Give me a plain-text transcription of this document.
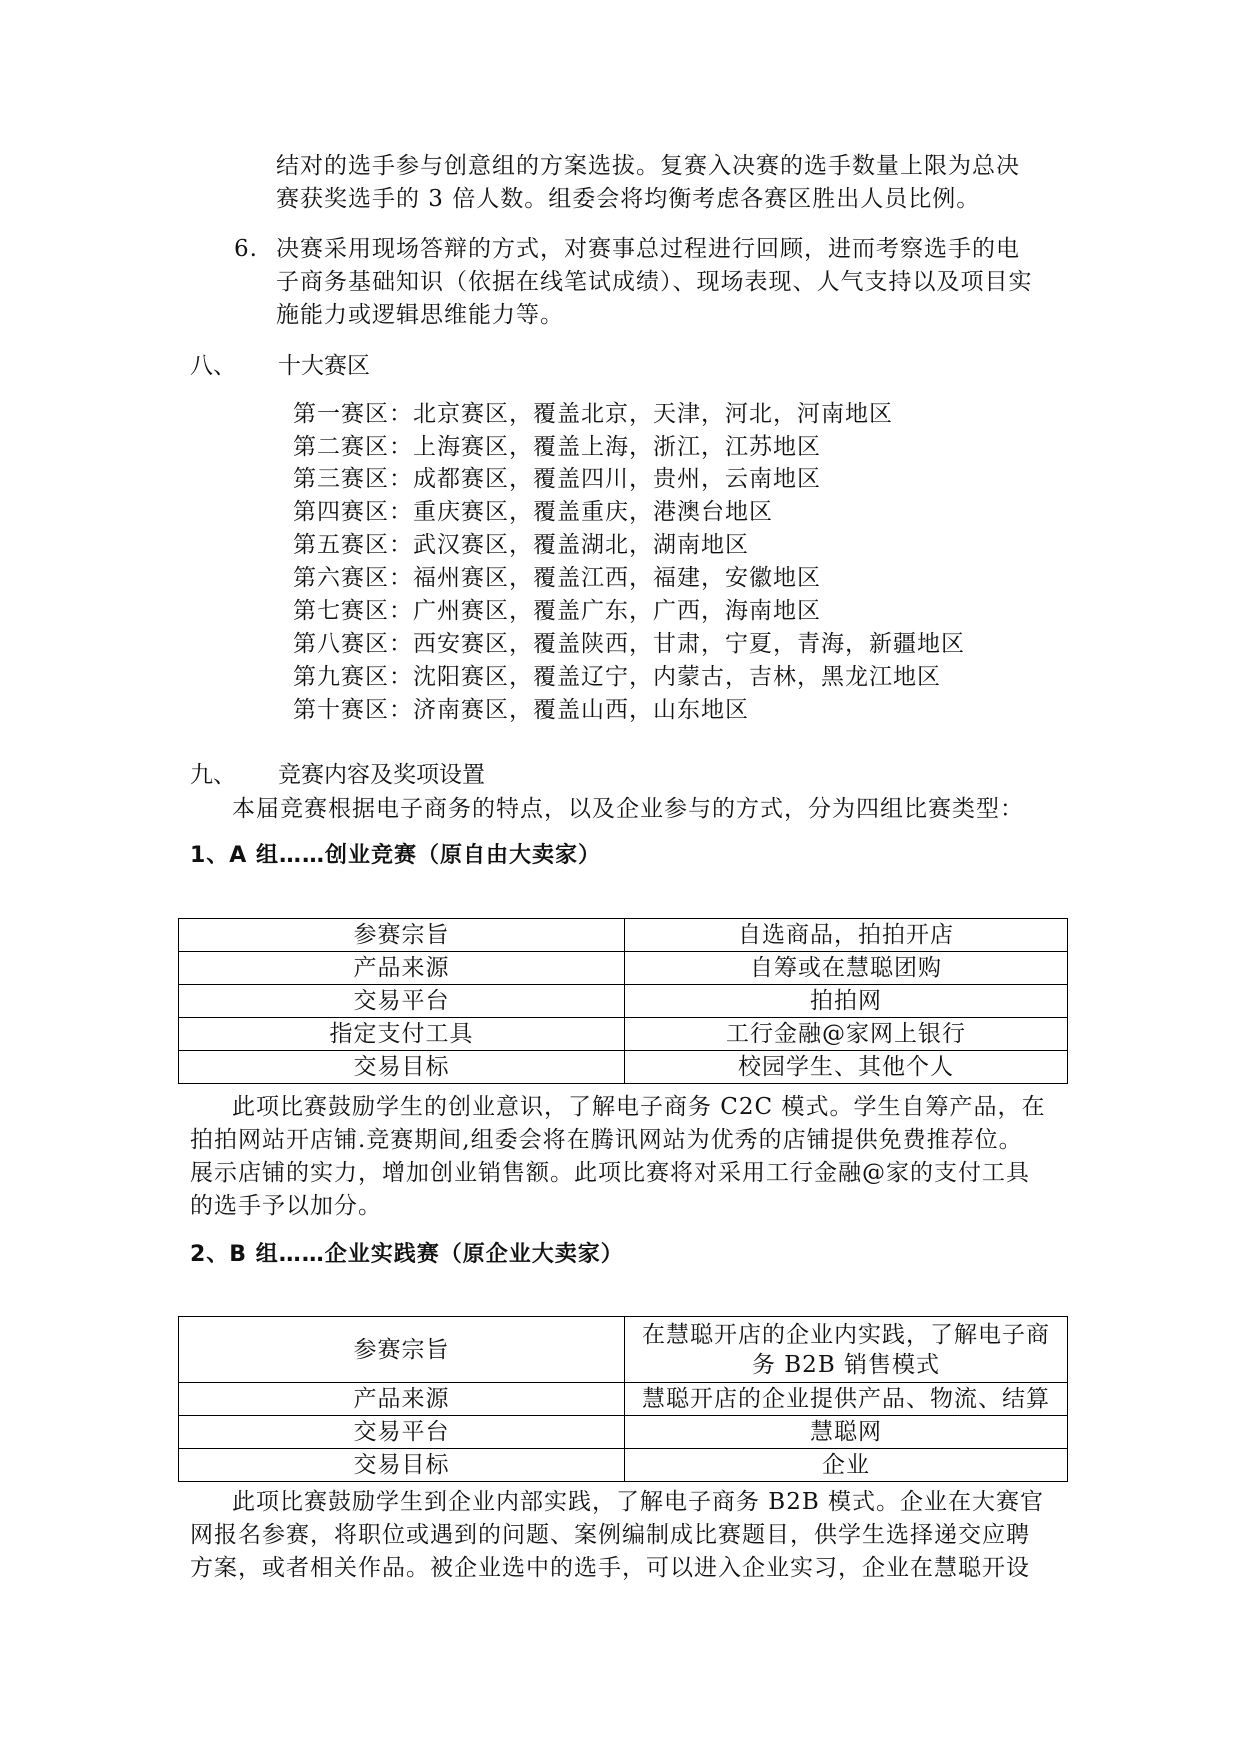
结对的选手参与创意组的方案选拔。复赛入决赛的选手数量上限为总决
赛获奖选手的 3 倍人数。组委会将均衡考虑各赛区胜出人员比例。
6. 决赛采用现场答辩的方式，对赛事总过程进行回顾，进而考察选手的电
子商务基础知识（依据在线笔试成绩）、现场表现、人气支持以及项目实
施能力或逻辑思维能力等。
八、 十大赛区
第一赛区：北京赛区，覆盖北京，天津，河北，河南地区
第二赛区：上海赛区，覆盖上海，浙江，江苏地区
第三赛区：成都赛区，覆盖四川，贵州，云南地区
第四赛区：重庆赛区，覆盖重庆，港澳台地区
第五赛区：武汉赛区，覆盖湖北，湖南地区
第六赛区：福州赛区，覆盖江西，福建，安徽地区
第七赛区：广州赛区，覆盖广东，广西，海南地区
第八赛区：西安赛区，覆盖陕西，甘肃，宁夏，青海，新疆地区
第九赛区：沈阳赛区，覆盖辽宁，内蒙古，吉林，黑龙江地区
第十赛区：济南赛区，覆盖山西，山东地区
九、 竞赛内容及奖项设置
本届竞赛根据电子商务的特点，以及企业参与的方式，分为四组比赛类型：
1、A 组……创业竞赛（原自由大卖家）
参赛宗旨	自选商品，拍拍开店
产品来源	自筹或在慧聪团购
交易平台	拍拍网
指定支付工具	工行金融@家网上银行
交易目标	校园学生、其他个人
此项比赛鼓励学生的创业意识，了解电子商务 C2C 模式。学生自筹产品，在
拍拍网站开店铺.竞赛期间,组委会将在腾讯网站为优秀的店铺提供免费推荐位。
展示店铺的实力，增加创业销售额。此项比赛将对采用工行金融@家的支付工具
的选手予以加分。
2、B 组……企业实践赛（原企业大卖家）
参赛宗旨	在慧聪开店的企业内实践，了解电子商
务 B2B 销售模式

产品来源	慧聪开店的企业提供产品、物流、结算
交易平台	慧聪网
交易目标	企业
此项比赛鼓励学生到企业内部实践，了解电子商务 B2B 模式。企业在大赛官
网报名参赛，将职位或遇到的问题、案例编制成比赛题目，供学生选择递交应聘
方案，或者相关作品。被企业选中的选手，可以进入企业实习，企业在慧聪开设
